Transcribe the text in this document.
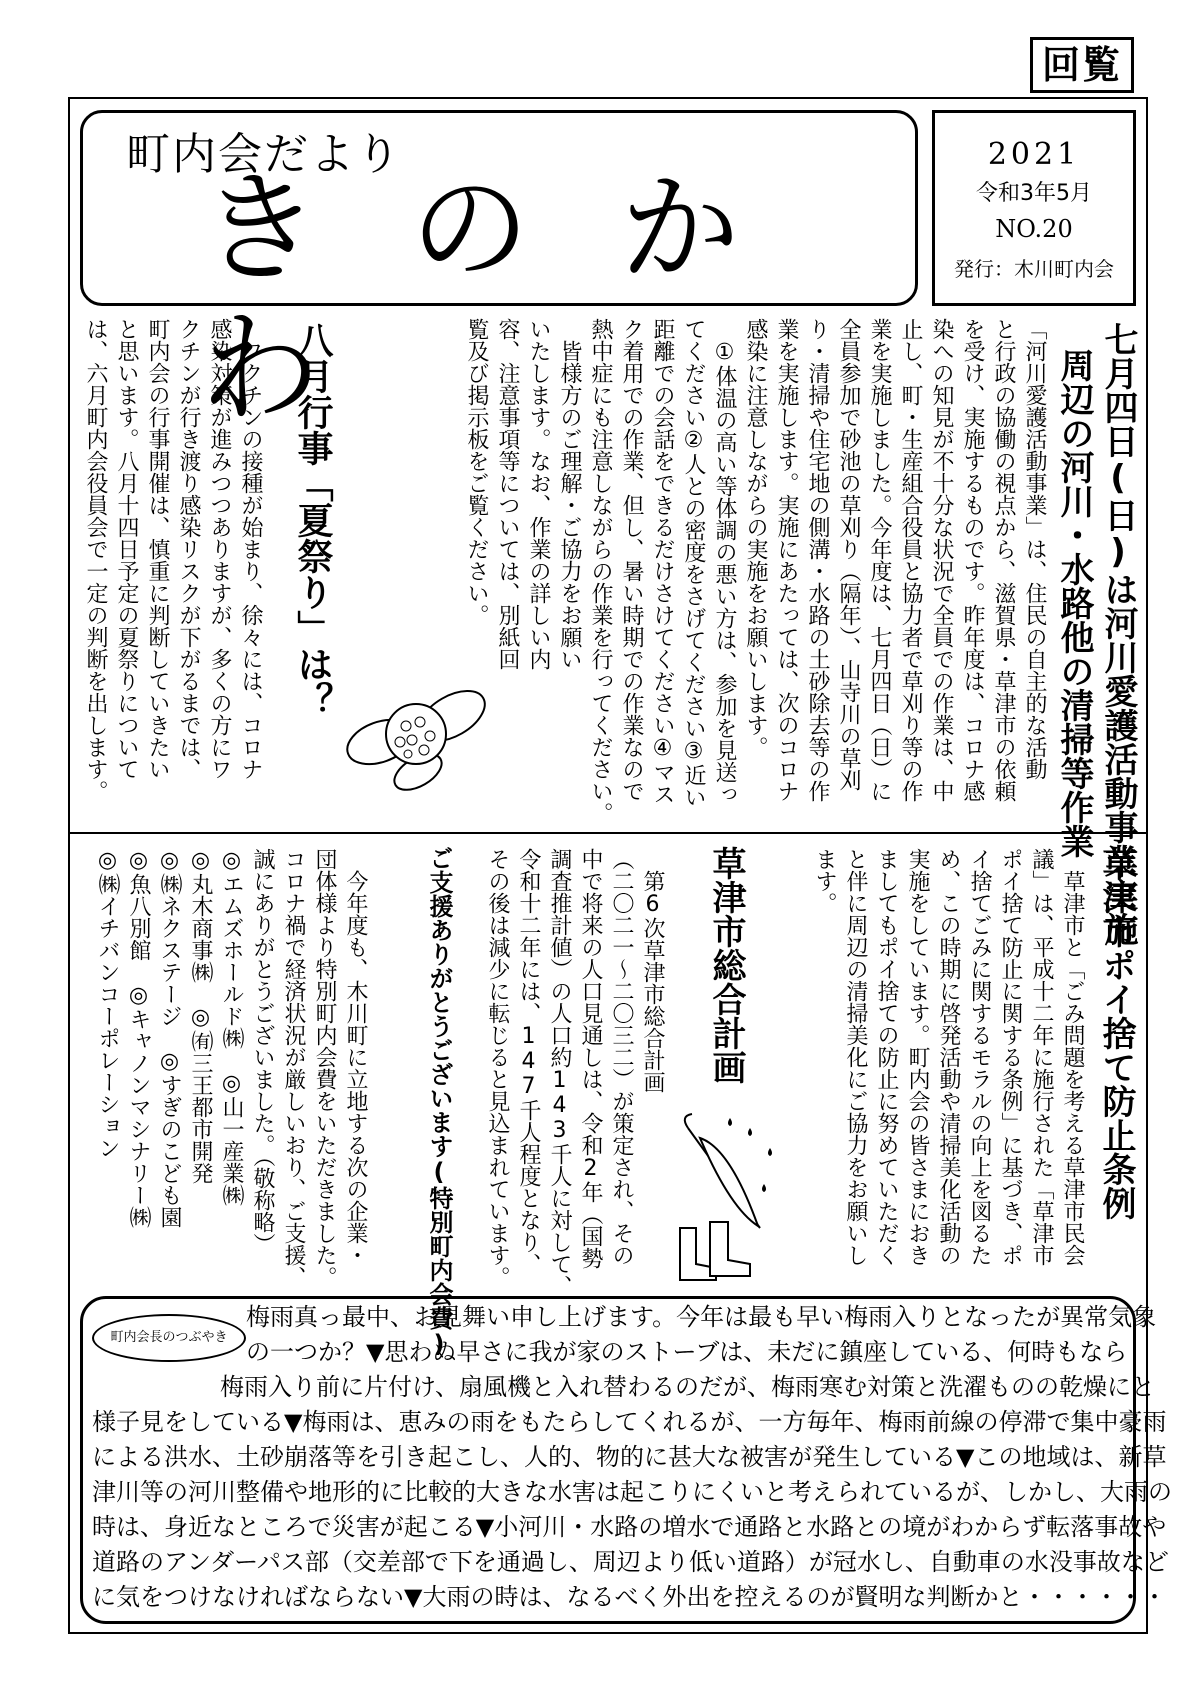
回覧
町内会だより
きのかわ
2021
令和3年5月
NO.20
発行：木川町内会
七月四日(日)は河川愛護活動事業実施
周辺の河川・水路他の清掃等作業
「河川愛護活動事業」は、住民の自主的な活動
と行政の協働の視点から、滋賀県・草津市の依頼
を受け、実施するものです。昨年度は、コロナ感
染への知見が不十分な状況で全員での作業は、中
止し、町・生産組合役員と協力者で草刈り等の作
業を実施しました。今年度は、七月四日（日）に
全員参加で砂池の草刈り（隔年）、山寺川の草刈
り・清掃や住宅地の側溝・水路の土砂除去等の作
業を実施します。実施にあたっては、次のコロナ
感染に注意しながらの実施をお願いします。
　①体温の高い等体調の悪い方は、参加を見送っ
てください②人との密度をさげてください③近い
距離での会話をできるだけさけてください④マス
ク着用での作業、但し、暑い時期での作業なので
熱中症にも注意しながらの作業を行ってください。
　皆様方のご理解・ご協力をお願い
いたします。なお、作業の詳しい内
容、注意事項等については、別紙回
覧及び掲示板をご覧ください。
八月行事「夏祭り」は？
　ワクチンの接種が始まり、徐々には、コロナ
感染対策が進みつつありますが、多くの方にワ
クチンが行き渡り感染リスクが下がるまでは、
町内会の行事開催は、慎重に判断していきたい
と思います。八月十四日予定の夏祭りについて
は、六月町内会役員会で一定の判断を出します。
草津市ポイ捨て防止条例
　草津市と「ごみ問題を考える草津市民会
議」は、平成十二年に施行された「草津市
ポイ捨て防止に関する条例」に基づき、ポ
イ捨てごみに関するモラルの向上を図るた
め、この時期に啓発活動や清掃美化活動の
実施をしています。町内会の皆さまにおき
ましてもポイ捨ての防止に努めていただく
と伴に周辺の清掃美化にご協力をお願いし
ます。
草津市総合計画
　第6次草津市総合計画
（二〇二一～二〇三二）が策定され、その
中で将来の人口見通しは、令和2年（国勢
調査推計値）の人口約143千人に対して、
令和十二年には、147千人程度となり、
その後は減少に転じると見込まれています。
ご支援ありがとうございます(特別町内会費)
　今年度も、木川町に立地する次の企業・
団体様より特別町内会費をいただきました。
コロナ禍で経済状況が厳しいおり、ご支援、
誠にありがとうございました。（敬称略）
◎エムズホールド㈱　◎山一産業㈱
◎丸木商事㈱　◎㈲三王都市開発
◎㈱ネクステージ　◎すぎのこども園
◎魚八別館　◎キャノンマシナリー㈱
◎㈱イチバンコーポレーション
町内会長のつぶやき
梅雨真っ最中、お見舞い申し上げます。今年は最も早い梅雨入りとなったが異常気象
の一つか？▼思わぬ早さに我が家のストーブは、未だに鎮座している、何時もなら
梅雨入り前に片付け、扇風機と入れ替わるのだが、梅雨寒む対策と洗濯ものの乾燥にと
様子見をしている▼梅雨は、恵みの雨をもたらしてくれるが、一方毎年、梅雨前線の停滞で集中豪雨
による洪水、土砂崩落等を引き起こし、人的、物的に甚大な被害が発生している▼この地域は、新草
津川等の河川整備や地形的に比較的大きな水害は起こりにくいと考えられているが、しかし、大雨の
時は、身近なところで災害が起こる▼小河川・水路の増水で通路と水路との境がわからず転落事故や
道路のアンダーパス部（交差部で下を通過し、周辺より低い道路）が冠水し、自動車の水没事故など
に気をつけなければならない▼大雨の時は、なるべく外出を控えるのが賢明な判断かと・・・・・・
